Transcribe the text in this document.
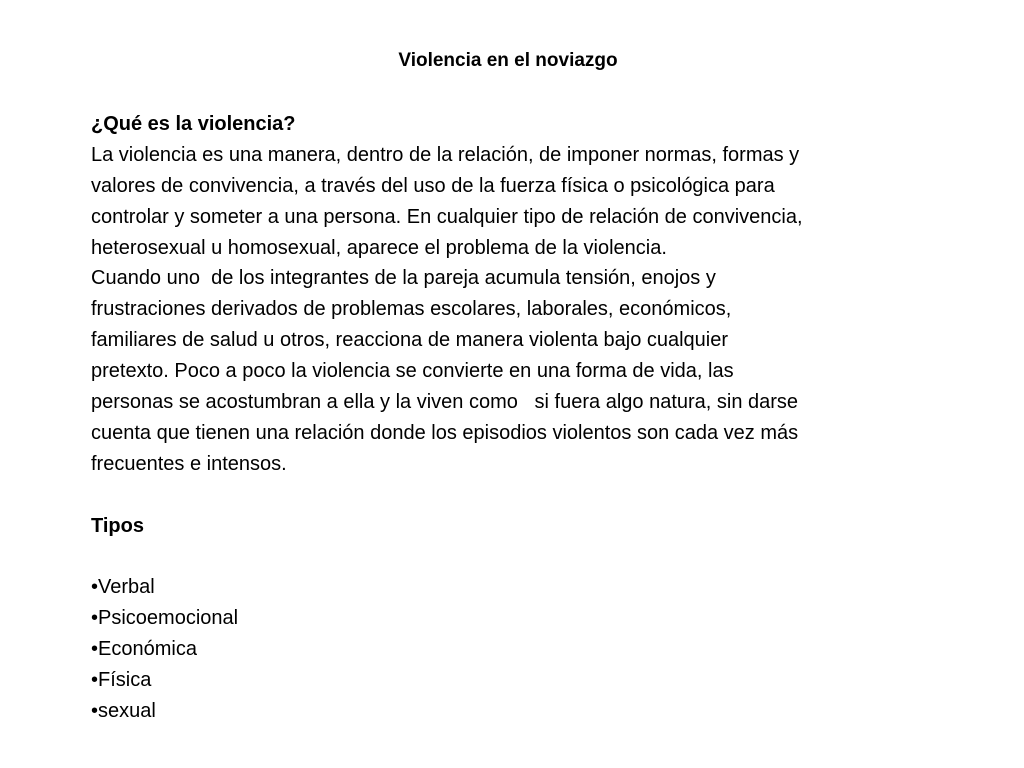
Violencia en el noviazgo
¿Qué es la violencia?
La violencia es una manera, dentro de la relación, de imponer normas, formas y
valores de convivencia, a través del uso de la fuerza física o psicológica para
controlar y someter a una persona. En cualquier tipo de relación de convivencia,
heterosexual u homosexual, aparece el problema de la violencia.
Cuando uno  de los integrantes de la pareja acumula tensión, enojos y
frustraciones derivados de problemas escolares, laborales, económicos,
familiares de salud u otros, reacciona de manera violenta bajo cualquier
pretexto. Poco a poco la violencia se convierte en una forma de vida, las
personas se acostumbran a ella y la viven como   si fuera algo natura, sin darse
cuenta que tienen una relación donde los episodios violentos son cada vez más
frecuentes e intensos.
Tipos
•Verbal
•Psicoemocional
•Económica
•Física
•sexual
